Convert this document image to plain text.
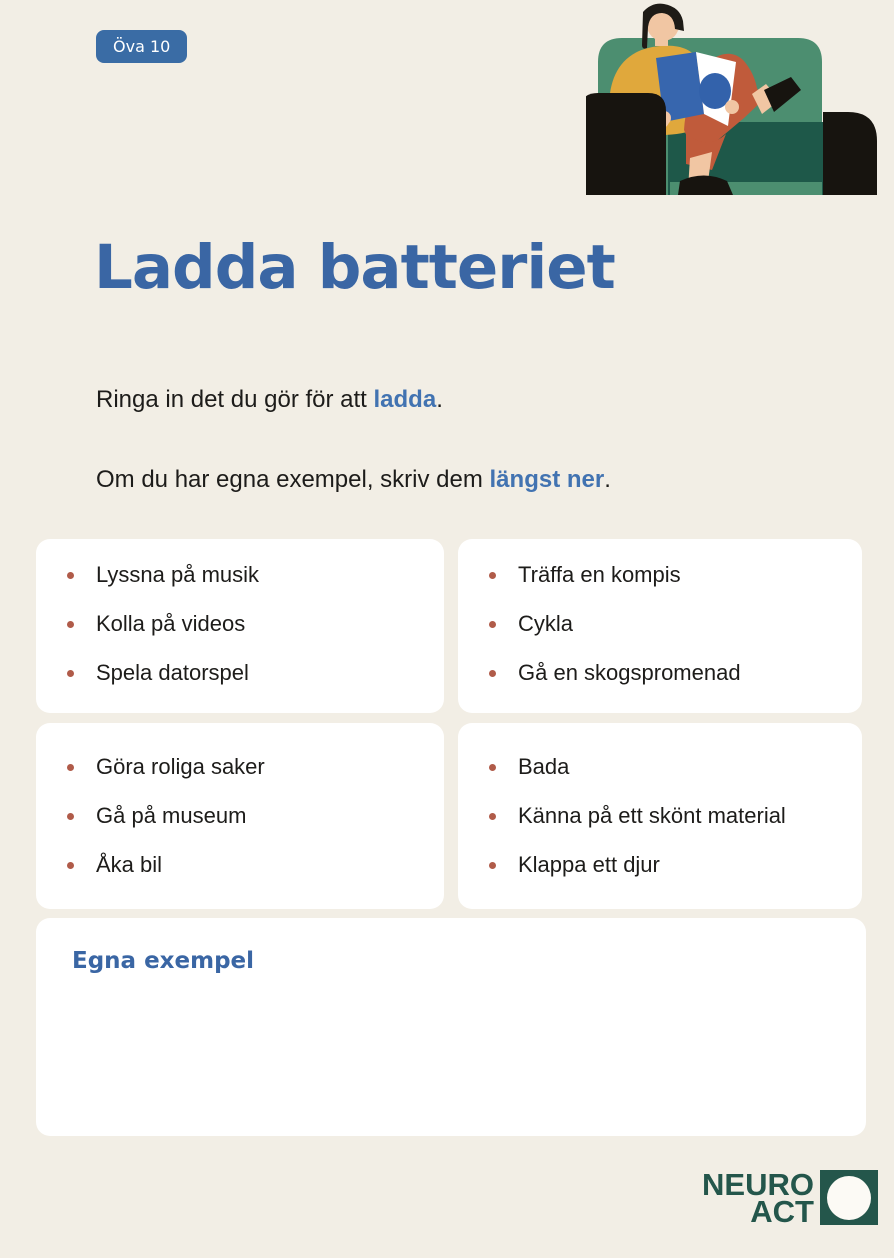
Öva 10
Ladda batteriet

Ringa in det du gör för att ladda.

Om du har egna exempel, skriv dem längst ner.

Lyssna på musik
Kolla på videos
Spela datorspel
Träffa en kompis
Cykla
Gå en skogspromenad
Göra roliga saker
Gå på museum
Åka bil
Bada
Känna på ett skönt material
Klappa ett djur
Egna exempel
NEURO
ACT
